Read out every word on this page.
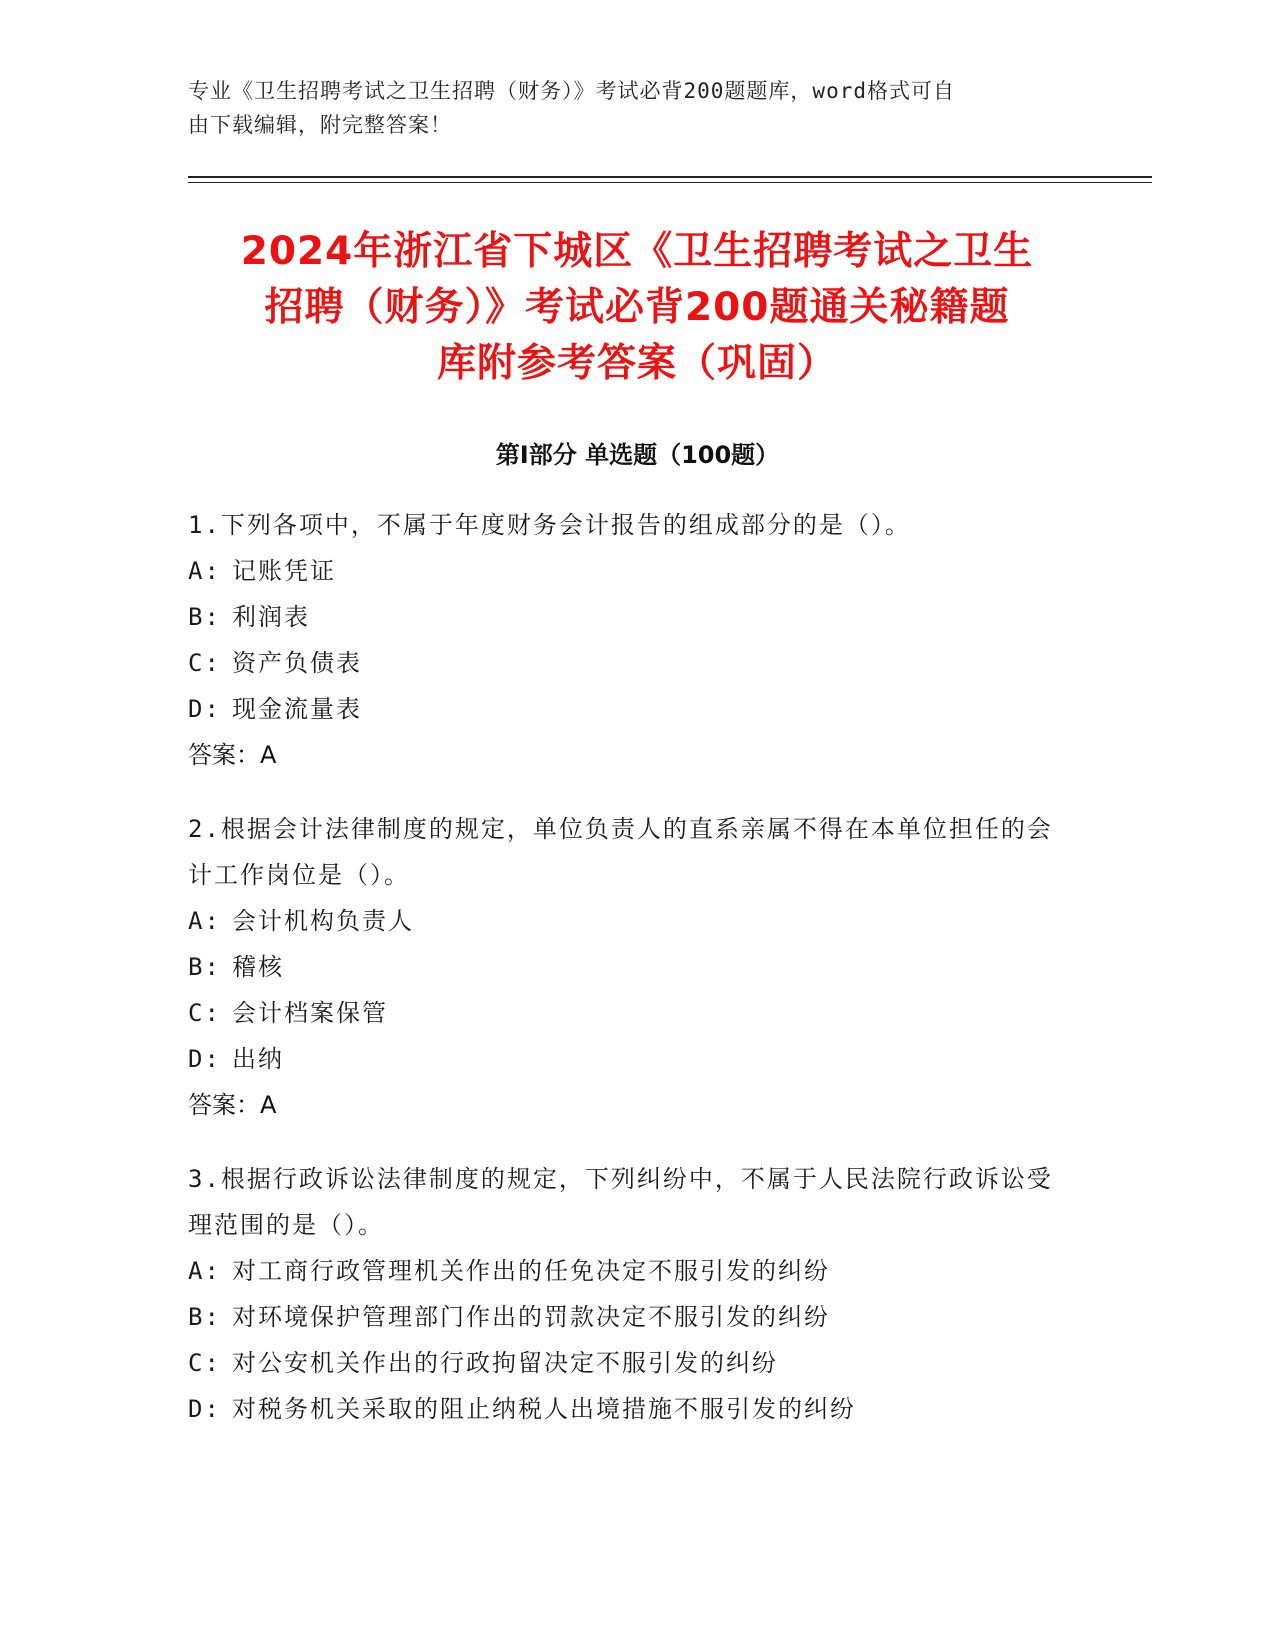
专业《卫生招聘考试之卫生招聘（财务）》考试必背200题题库，word格式可自
由下载编辑，附完整答案！
2024年浙江省下城区《卫生招聘考试之卫生
招聘（财务）》考试必背200题通关秘籍题
库附参考答案（巩固）
第Ⅰ部分 单选题（100题）

1.下列各项中，不属于年度财务会计报告的组成部分的是（）。

A: 记账凭证

B: 利润表

C: 资产负债表

D: 现金流量表

答案：A

2.根据会计法律制度的规定，单位负责人的直系亲属不得在本单位担任的会计工作岗位是（）。

A: 会计机构负责人

B: 稽核

C: 会计档案保管

D: 出纳

答案：A

3.根据行政诉讼法律制度的规定，下列纠纷中，不属于人民法院行政诉讼受理范围的是（）。

A: 对工商行政管理机关作出的任免决定不服引发的纠纷

B: 对环境保护管理部门作出的罚款决定不服引发的纠纷

C: 对公安机关作出的行政拘留决定不服引发的纠纷

D: 对税务机关采取的阻止纳税人出境措施不服引发的纠纷
